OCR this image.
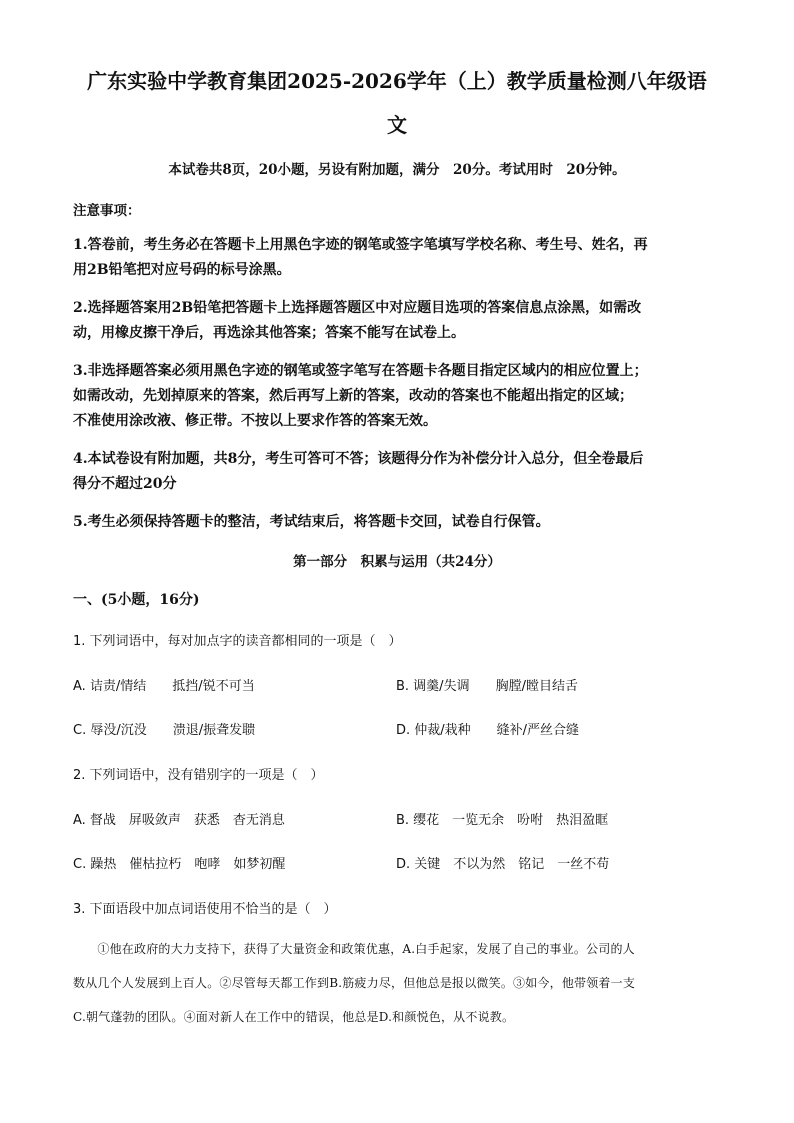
广东实验中学教育集团2025-2026学年（上）教学质量检测八年级语
文
本试卷共8页，20小题，另设有附加题，满分　20分。考试用时　20分钟。
注意事项：
1.答卷前，考生务必在答题卡上用黑色字迹的钢笔或签字笔填写学校名称、考生号、姓名，再
用2B铅笔把对应号码的标号涂黑。
2.选择题答案用2B铅笔把答题卡上选择题答题区中对应题目选项的答案信息点涂黑，如需改
动，用橡皮擦干净后，再选涂其他答案；答案不能写在试卷上。
3.非选择题答案必须用黑色字迹的钢笔或签字笔写在答题卡各题目指定区域内的相应位置上；
如需改动，先划掉原来的答案，然后再写上新的答案，改动的答案也不能超出指定的区域；
不准使用涂改液、修正带。不按以上要求作答的答案无效。
4.本试卷设有附加题，共8分，考生可答可不答；该题得分作为补偿分计入总分，但全卷最后
得分不超过20分
5.考生必须保持答题卡的整洁，考试结束后，将答题卡交回，试卷自行保管。
第一部分　积累与运用（共24分）
一、(5小题，16分)
1. 下列词语中，每对加点字的读音都相同的一项是（　）
A. 诘责/情结　　抵挡/锐不可当	B. 调羹/失调　　胸膛/瞠目结舌
C. 辱没/沉没　　溃退/振聋发聩	D. 仲裁/栽种　　缝补/严丝合缝
2. 下列词语中，没有错别字的一项是（　）
A. 督战　屏吸敛声　获悉　杳无消息	B. 缨花　一览无余　吩咐　热泪盈眶
C. 躁热　催枯拉朽　咆哮　如梦初醒	D. 关键　不以为然　铭记　一丝不苟
3. 下面语段中加点词语使用不恰当的是（　）
　　①他在政府的大力支持下，获得了大量资金和政策优惠，A.白手起家，发展了自己的事业。公司的人
数从几个人发展到上百人。②尽管每天都工作到B.筋疲力尽，但他总是报以微笑。③如今，他带领着一支
C.朝气蓬勃的团队。④面对新人在工作中的错误，他总是D.和颜悦色，从不说教。
